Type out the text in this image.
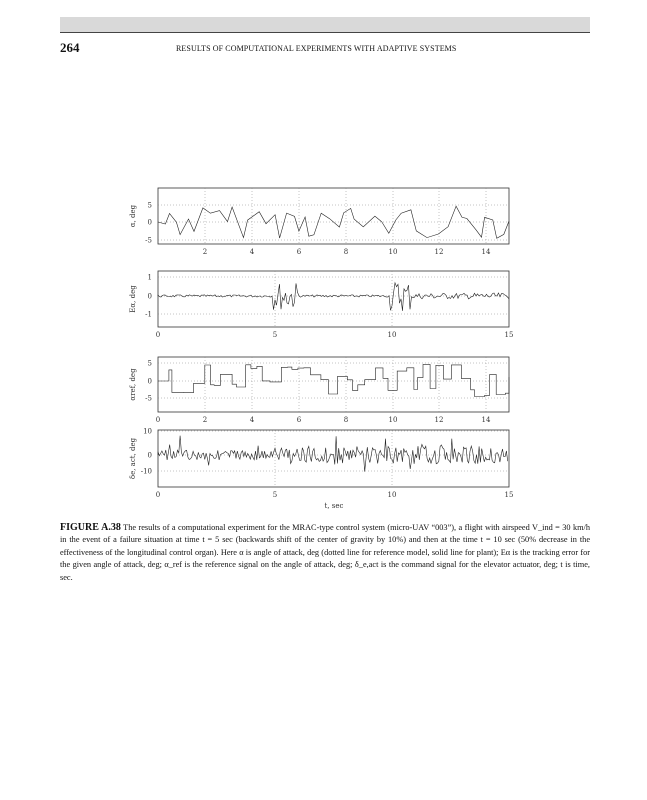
264	RESULTS OF COMPUTATIONAL EXPERIMENTS WITH ADAPTIVE SYSTEMS
5
0
-5
2	4	6	8	10	12	14
α, deg
1
0
-1
0	5	10	15
Eα, deg
5
0
-5
0	2	4	6	8	10	12	14
αref, deg
10
0
-10
0	5	10	15
δe, act, deg
t, sec
FIGURE A.38 The results of a computational experiment for the MRAC-type control system (micro-UAV “003”), a flight with airspeed V_ind = 30 km/h in the event of a failure situation at time t = 5 sec (backwards shift of the center of gravity by 10%) and then at the time t = 10 sec (50% decrease in the effectiveness of the longitudinal control organ). Here α is angle of attack, deg (dotted line for reference model, solid line for plant); Eα is the tracking error for the given angle of attack, deg; α_ref is the reference signal on the angle of attack, deg; δ_e,act is the command signal for the elevator actuator, deg; t is time, sec.
